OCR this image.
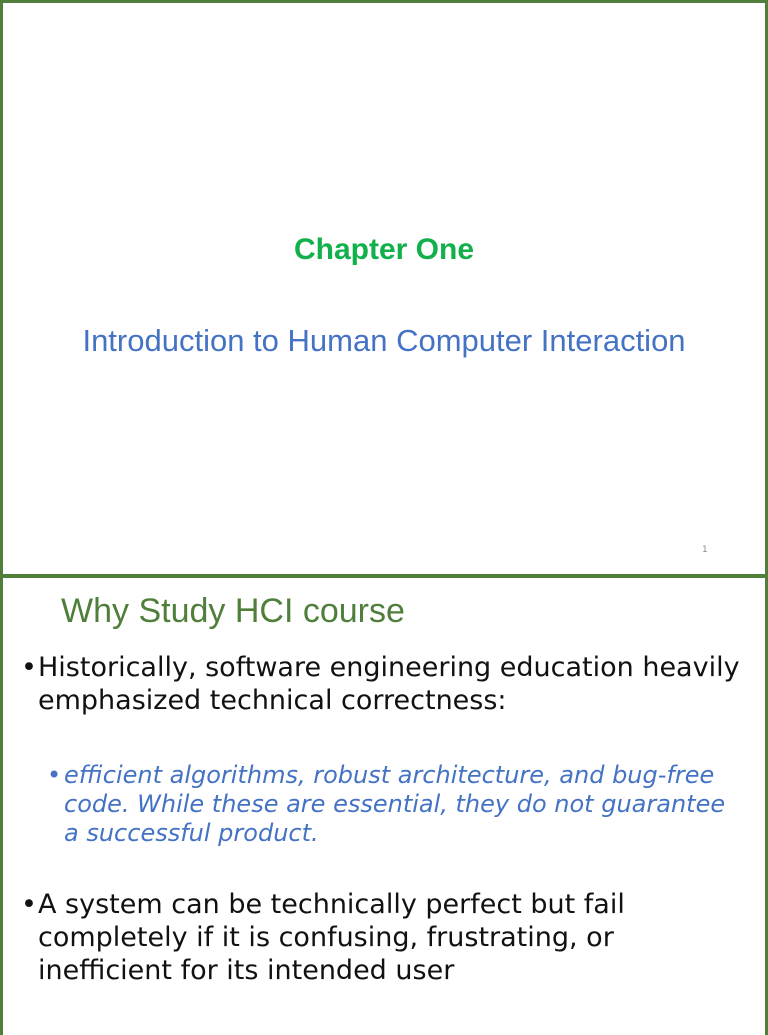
Chapter One
Introduction to Human Computer Interaction
1
Why Study HCI course
• Historically, software engineering education heavily emphasized technical correctness:
• efficient algorithms, robust architecture, and bug-free code. While these are essential, they do not guarantee a successful product.
• A system can be technically perfect but fail completely if it is confusing, frustrating, or inefficient for its intended user
